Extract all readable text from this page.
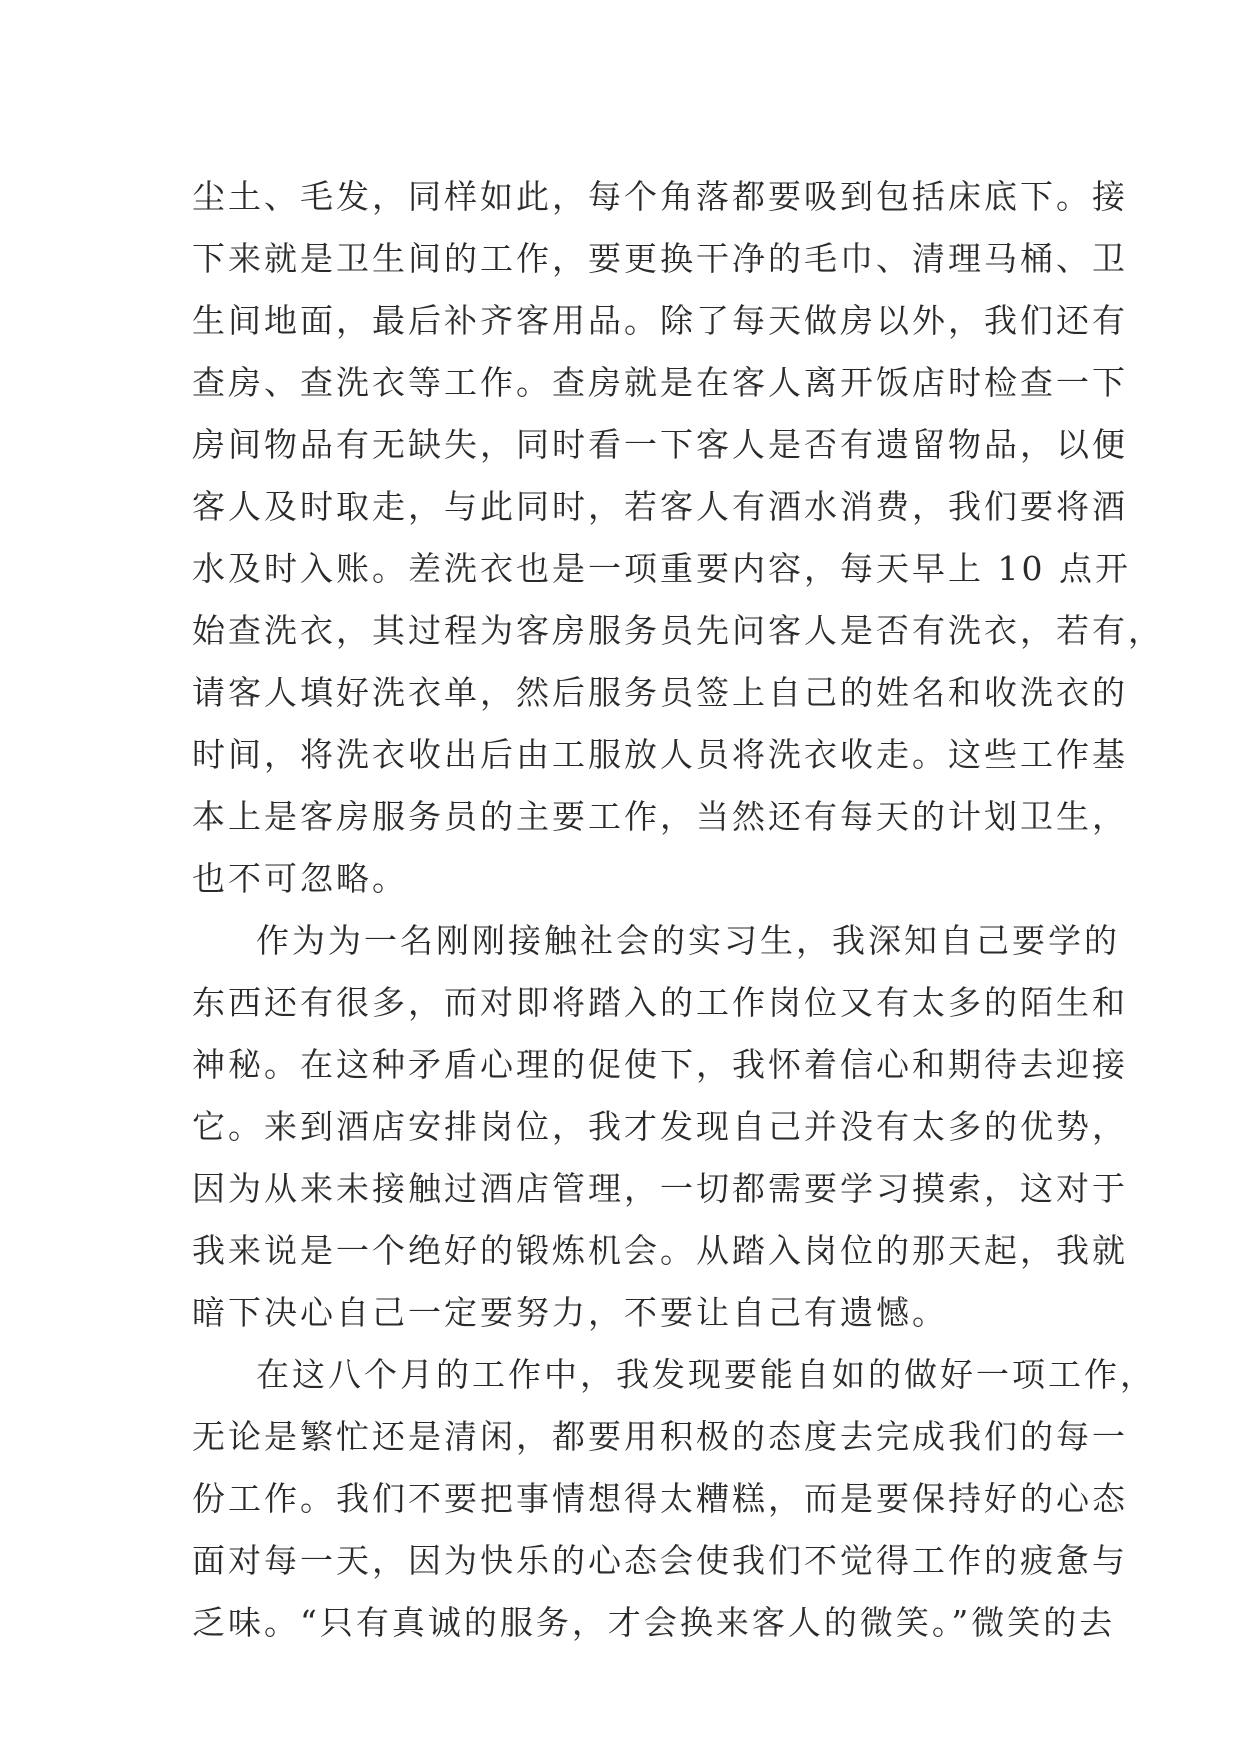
尘土、毛发，同样如此，每个角落都要吸到包括床底下。接
下来就是卫生间的工作，要更换干净的毛巾、清理马桶、卫
生间地面，最后补齐客用品。除了每天做房以外，我们还有
查房、查洗衣等工作。查房就是在客人离开饭店时检查一下
房间物品有无缺失，同时看一下客人是否有遗留物品，以便
客人及时取走，与此同时，若客人有酒水消费，我们要将酒
水及时入账。差洗衣也是一项重要内容，每天早上 10 点开
始查洗衣，其过程为客房服务员先问客人是否有洗衣，若有，
请客人填好洗衣单，然后服务员签上自己的姓名和收洗衣的
时间，将洗衣收出后由工服放人员将洗衣收走。这些工作基
本上是客房服务员的主要工作，当然还有每天的计划卫生，
也不可忽略。
作为为一名刚刚接触社会的实习生，我深知自己要学的
东西还有很多，而对即将踏入的工作岗位又有太多的陌生和
神秘。在这种矛盾心理的促使下，我怀着信心和期待去迎接
它。来到酒店安排岗位，我才发现自己并没有太多的优势，
因为从来未接触过酒店管理，一切都需要学习摸索，这对于
我来说是一个绝好的锻炼机会。从踏入岗位的那天起，我就
暗下决心自己一定要努力，不要让自己有遗憾。
在这八个月的工作中，我发现要能自如的做好一项工作，
无论是繁忙还是清闲，都要用积极的态度去完成我们的每一
份工作。我们不要把事情想得太糟糕，而是要保持好的心态
面对每一天，因为快乐的心态会使我们不觉得工作的疲惫与
乏味。“只有真诚的服务，才会换来客人的微笑。”微笑的去
